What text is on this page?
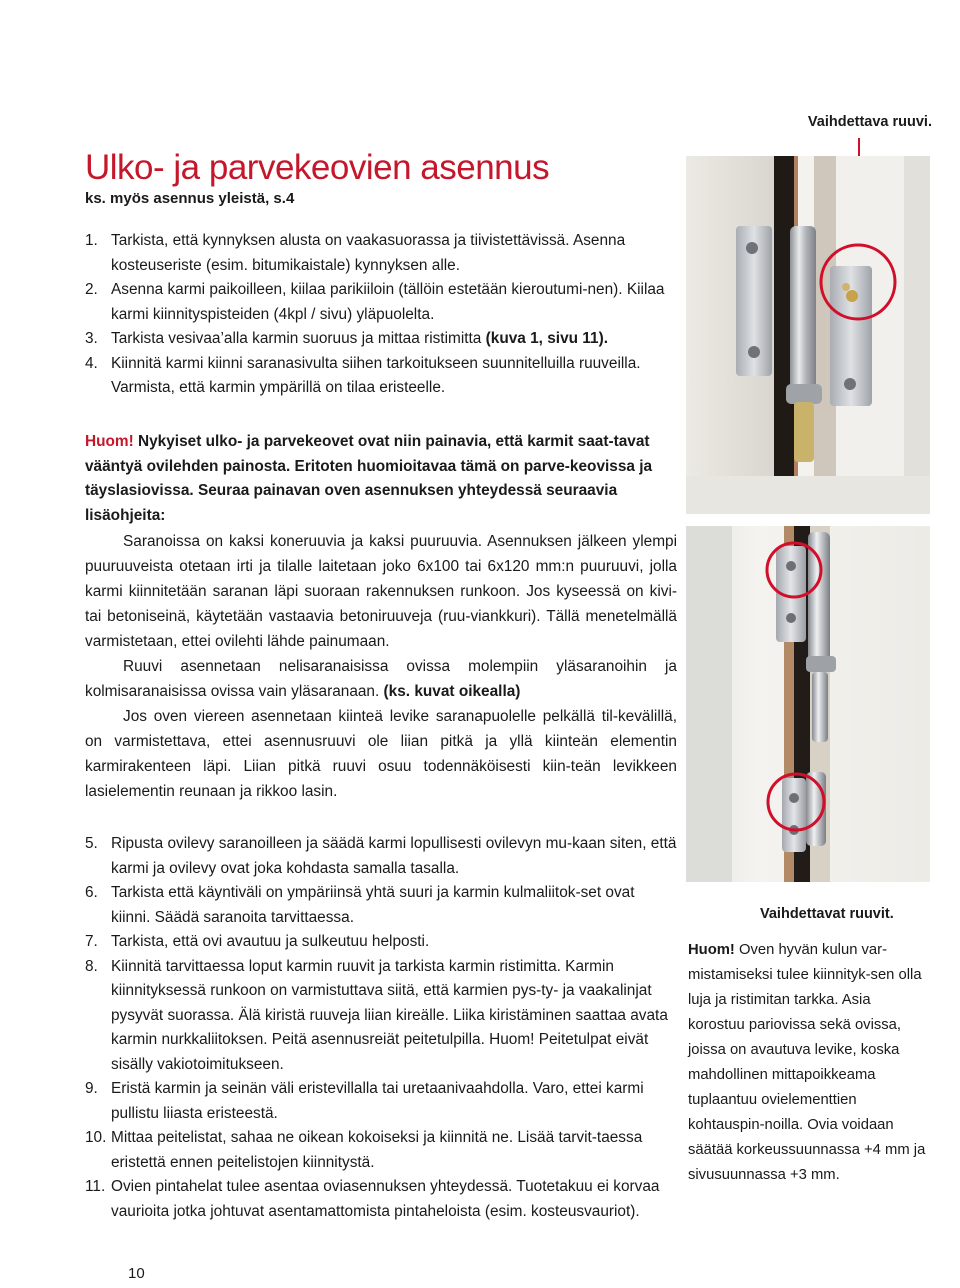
Ulko- ja parvekeovien asennus
ks. myös asennus yleistä, s.4
1. Tarkista, että kynnyksen alusta on vaakasuorassa ja tiivistettävissä. Asenna kosteuseriste (esim. bitumikaistale) kynnyksen alle.
2. Asenna karmi paikoilleen, kiilaa parikiiloin (tällöin estetään kieroutumi-nen). Kiilaa karmi kiinnityspisteiden (4kpl / sivu) yläpuolelta.
3. Tarkista vesivaa’alla karmin suoruus ja mittaa ristimitta (kuva 1, sivu 11).
4. Kiinnitä karmi kiinni saranasivulta siihen tarkoitukseen suunnitelluilla ruuveilla. Varmista, että karmin ympärillä on tilaa eristeelle.
Huom! Nykyiset ulko- ja parvekeovet ovat niin painavia, että karmit saat-tavat vääntyä ovilehden painosta. Eritoten huomioitavaa tämä on parve-keovissa ja täyslasiovissa. Seuraa painavan oven asennuksen yhteydessä seuraavia lisäohjeita:

Saranoissa on kaksi koneruuvia ja kaksi puuruuvia. Asennuksen jälkeen ylempi puuruuveista otetaan irti ja tilalle laitetaan joko 6x100 tai 6x120 mm:n puuruuvi, jolla karmi kiinnitetään saranan läpi suoraan rakennuksen runkoon. Jos kyseessä on kivi- tai betoniseinä, käytetään vastaavia betoniruuveja (ruu-viankkuri). Tällä menetelmällä varmistetaan, ettei ovilehti lähde painumaan.

Ruuvi asennetaan nelisaranaisissa ovissa molempiin yläsaranoihin ja kolmisaranaisissa ovissa vain yläsaranaan. (ks. kuvat oikealla)

Jos oven viereen asennetaan kiinteä levike saranapuolelle pelkällä til-kevälillä, on varmistettava, ettei asennusruuvi ole liian pitkä ja yllä kiinteän elementin karmirakenteen läpi. Liian pitkä ruuvi osuu todennäköisesti kiin-teän levikkeen lasielementin reunaan ja rikkoo lasin.

5. Ripusta ovilevy saranoilleen ja säädä karmi lopullisesti ovilevyn mu-kaan siten, että karmi ja ovilevy ovat joka kohdasta samalla tasalla.
6. Tarkista että käyntiväli on ympäriinsä yhtä suuri ja karmin kulmaliitok-set ovat kiinni. Säädä saranoita tarvittaessa.
7. Tarkista, että ovi avautuu ja sulkeutuu helposti.
8. Kiinnitä tarvittaessa loput karmin ruuvit ja tarkista karmin ristimitta. Karmin kiinnityksessä runkoon on varmistuttava siitä, että karmien pys-ty- ja vaakalinjat pysyvät suorassa. Älä kiristä ruuveja liian kireälle. Liika kiristäminen saattaa avata karmin nurkkaliitoksen. Peitä asennusreiät peitetulpilla. Huom! Peitetulpat eivät sisälly vakiotoimitukseen.
9. Eristä karmin ja seinän väli eristevillalla tai uretaanivaahdolla. Varo, ettei karmi pullistu liiasta eristeestä.
10. Mittaa peitelistat, sahaa ne oikean kokoiseksi ja kiinnitä ne. Lisää tarvit-taessa eristettä ennen peitelistojen kiinnitystä.
11. Ovien pintahelat tulee asentaa oviasennuksen yhteydessä. Tuotetakuu ei korvaa vaurioita jotka johtuvat asentamattomista pintaheloista (esim. kosteusvauriot).
Vaihdettava ruuvi.
Vaihdettavat ruuvit.
Huom! Oven hyvän kulun var-mistamiseksi tulee kiinnityk-sen olla luja ja ristimitan tarkka. Asia korostuu pariovissa sekä ovissa, joissa on avautuva levike, koska mahdollinen mittapoikkeama tuplaantuu ovielementtien kohtauspin-noilla. Ovia voidaan säätää korkeussuunnassa +4 mm ja sivusuunnassa +3 mm.
10
